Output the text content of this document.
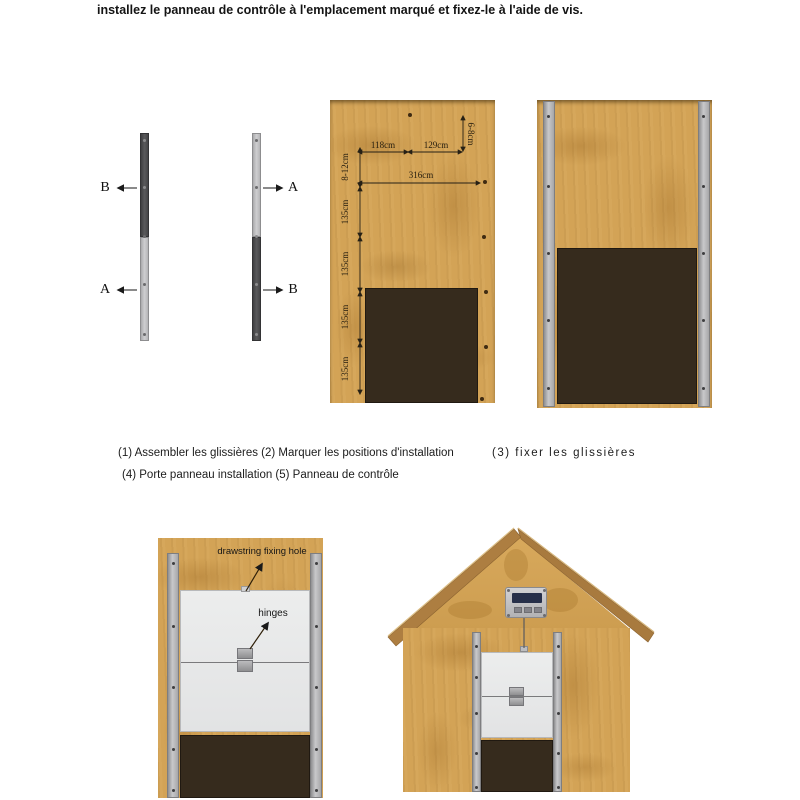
installez le panneau de contrôle à l'emplacement marqué et fixez-le à l'aide de vis.
B
A
A
B
118cm	129cm
316cm
6-8cm
8-12cm
135cm
135cm
135cm
135cm
(1) Assembler les glissières (2) Marquer les positions d'installation	(3) fixer les glissières
(4) Porte panneau installation (5) Panneau de contrôle
drawstring fixing hole
hinges
